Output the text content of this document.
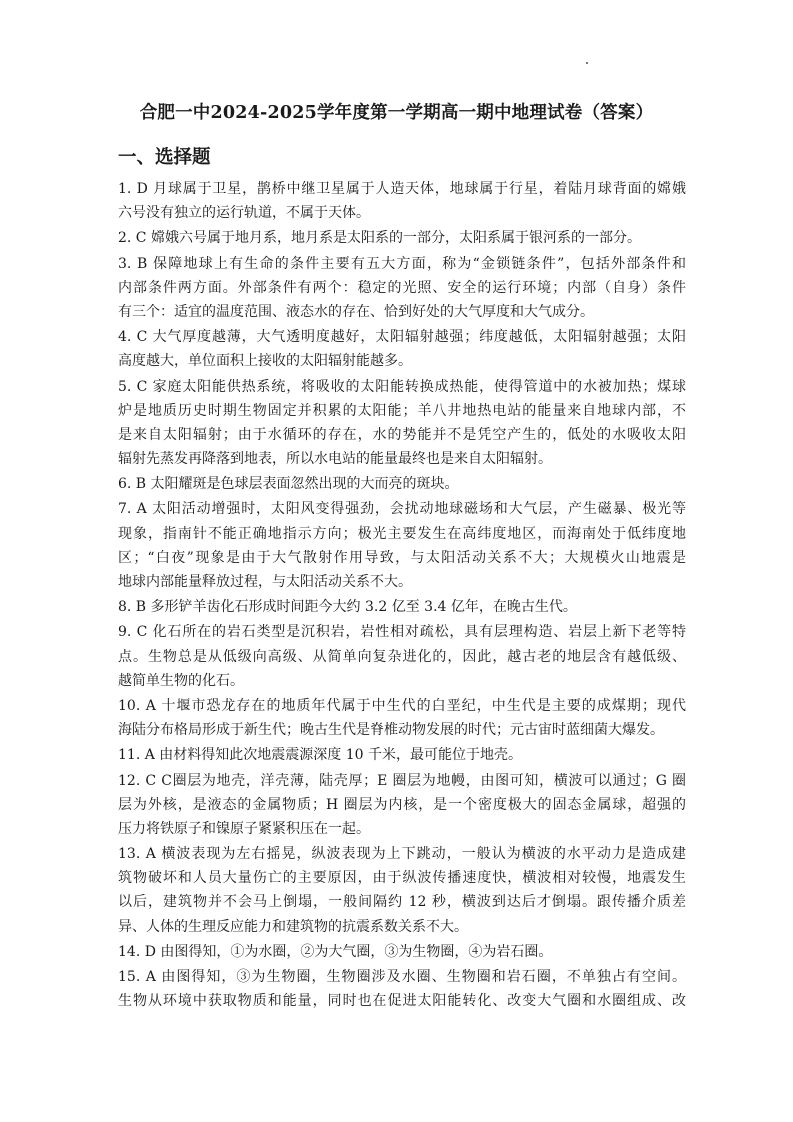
合肥一中2024-2025学年度第一学期高一期中地理试卷（答案）
一、选择题
1. D 月球属于卫星，鹊桥中继卫星属于人造天体，地球属于行星，着陆月球背面的嫦娥
六号没有独立的运行轨道，不属于天体。
2. C 嫦娥六号属于地月系，地月系是太阳系的一部分，太阳系属于银河系的一部分。
3. B 保障地球上有生命的条件主要有五大方面，称为“金锁链条件”，包括外部条件和
内部条件两方面。外部条件有两个：稳定的光照、安全的运行环境；内部（自身）条件
有三个：适宜的温度范围、液态水的存在、恰到好处的大气厚度和大气成分。
4. C 大气厚度越薄，大气透明度越好，太阳辐射越强；纬度越低，太阳辐射越强；太阳
高度越大，单位面积上接收的太阳辐射能越多。
5. C 家庭太阳能供热系统，将吸收的太阳能转换成热能，使得管道中的水被加热；煤球
炉是地质历史时期生物固定并积累的太阳能；羊八井地热电站的能量来自地球内部，不
是来自太阳辐射；由于水循环的存在，水的势能并不是凭空产生的，低处的水吸收太阳
辐射先蒸发再降落到地表，所以水电站的能量最终也是来自太阳辐射。
6. B 太阳耀斑是色球层表面忽然出现的大而亮的斑块。
7. A 太阳活动增强时，太阳风变得强劲，会扰动地球磁场和大气层，产生磁暴、极光等
现象，指南针不能正确地指示方向；极光主要发生在高纬度地区，而海南处于低纬度地
区；“白夜”现象是由于大气散射作用导致，与太阳活动关系不大；大规模火山地震是
地球内部能量释放过程，与太阳活动关系不大。
8. B 多形铲羊齿化石形成时间距今大约 3.2 亿至 3.4 亿年，在晚古生代。
9. C 化石所在的岩石类型是沉积岩，岩性相对疏松，具有层理构造、岩层上新下老等特
点。生物总是从低级向高级、从简单向复杂进化的，因此，越古老的地层含有越低级、
越简单生物的化石。
10. A 十堰市恐龙存在的地质年代属于中生代的白垩纪，中生代是主要的成煤期；现代
海陆分布格局形成于新生代；晚古生代是脊椎动物发展的时代；元古宙时蓝细菌大爆发。
11. A 由材料得知此次地震震源深度 10 千米，最可能位于地壳。
12. C C圈层为地壳，洋壳薄，陆壳厚；E 圈层为地幔，由图可知，横波可以通过；G 圈
层为外核，是液态的金属物质；H 圈层为内核，是一个密度极大的固态金属球，超强的
压力将铁原子和镍原子紧紧积压在一起。
13. A 横波表现为左右摇晃，纵波表现为上下跳动，一般认为横波的水平动力是造成建
筑物破坏和人员大量伤亡的主要原因，由于纵波传播速度快，横波相对较慢，地震发生
以后，建筑物并不会马上倒塌，一般间隔约 12 秒，横波到达后才倒塌。跟传播介质差
异、人体的生理反应能力和建筑物的抗震系数关系不大。
14. D 由图得知，①为水圈，②为大气圈，③为生物圈，④为岩石圈。
15. A 由图得知，③为生物圈，生物圈涉及水圈、生物圈和岩石圈，不单独占有空间。
生物从环境中获取物质和能量，同时也在促进太阳能转化、改变大气圈和水圈组成、改
